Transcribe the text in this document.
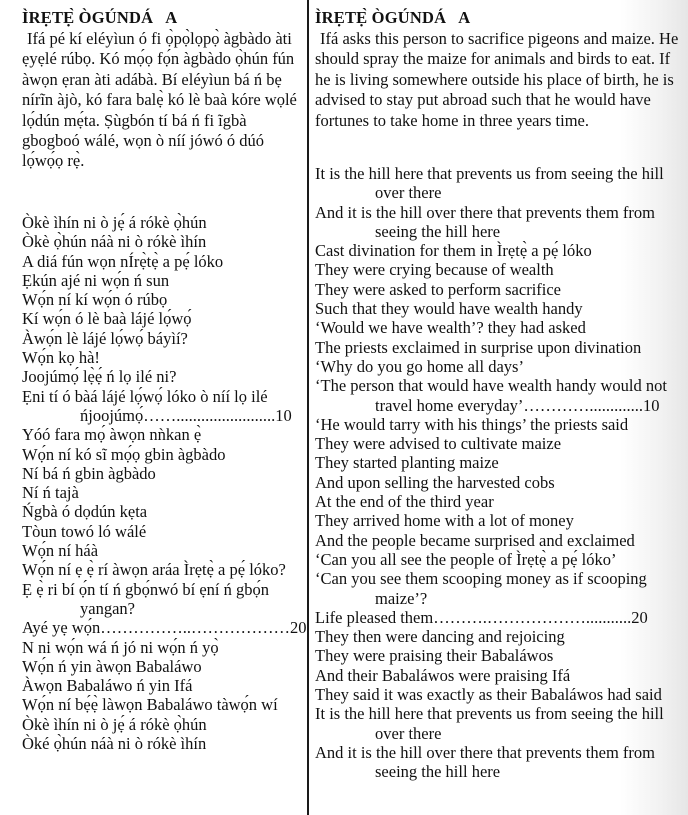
ÌRẸTẸ̀ ÒGÚNDÁ   A

Ifá pé kí eléyìun ó fi ọ̀pọ̀lọpọ̀ àgbàdo àti ẹyẹlé rúbọ. Kó mọ́ọ fọ́n àgbàdo ọ̀hún fún àwọn ẹran àti adábà. Bí eléyìun bá ń bẹ nírĩn àjò, kó fara balẹ̀ kó lè baà kóre wọlé lọ́dún mẹ́ta. Ṣùgbón tí bá ń fi ĩgbà gbogboó wálé, wọn ò níí jówó ó dúó lọ́wọ́ọ rẹ̀.

Òkè ìhín ni ò jẹ́ á rókè ọ̀hún
Òkè ọ̀hún náà ni ò rókè ìhín
A diá fún wọn nÍrẹ̀tẹ̀ a pẹ́ lóko
Ẹkún ajé ni wọ́n ń sun
Wọ́n ní kí wọ́n ó rúbọ
Kí wọ́n ó lè baà lájé lọ́wọ́
Àwọ́n lè lájé lọ́wọ́ báyìí?
Wọ́n kọ hà!
Joojúmọ́ lẹ̀ẹ́ ń lọ ilé ni?
Ẹni tí ó bàá lájé lọ́wọ́ lóko ò níí lọ ilé
ńjoojúmọ́……........................10
Yóó fara mọ́ àwọn nǹkan ẹ̀
Wọ́n ní kó sĩ mọ́ọ gbin àgbàdo
Ní bá ń gbin àgbàdo
Ní ń tajà
Ńgbà ó dọdún kẹta
Tòun towó ló wálé
Wọ́n ní háà
Wọ́n ní ẹ ẹ̀ rí àwọn aráa Ìrẹtẹ̀ a pẹ́ lóko?
Ẹ ẹ̀ ri bí ọ́n tí ń gbọ́nwó bí ẹní ń gbọ́n
yangan?
Ayé yẹ wọ́n……………..………………20
N ni wọ́n wá ń jó ni wọ́n ń yọ̀
Wọ́n ń yin àwọn Babaláwo
Àwọn Babaláwo ń yin Ifá
Wọ́n ní bẹ́ẹ̀ làwọn Babaláwo tàwọ́n wí
Òkè ìhín ni ò jẹ́ á rókè ọ̀hún
Òké ọ̀hún náà ni ò rókè ìhín
ÌRẸTẸ̀ ÒGÚNDÁ   A

Ifá asks this person to sacrifice pigeons and maize. He should spray the maize for animals and birds to eat. If he is living somewhere outside his place of birth, he is advised to stay put abroad such that he would have fortunes to take home in three years time.

It is the hill here that prevents us from seeing the hill
over there
And it is the hill over there that prevents them from
seeing the hill here
Cast divination for them in Ìrẹtẹ̀ a pẹ́ lóko
They were crying because of wealth
They were asked to perform sacrifice
Such that they would have wealth handy
‘Would we have wealth’? they had asked
The priests exclaimed in surprise upon divination
‘Why do you go home all days’
‘The person that would have wealth handy would not
travel home everyday’………….............10
‘He would tarry with his things’ the priests said
They were advised to cultivate maize
They started planting maize
And upon selling the harvested cobs
At the end of the third year
They arrived home with a lot of money
And the people became surprised and exclaimed
‘Can you all see the people of Ìrẹtẹ̀ a pẹ́ lóko’
‘Can you see them scooping money as if scooping
maize’?
Life pleased them……….………………...........20
They then were dancing and rejoicing
They were praising their Babaláwos
And their Babaláwos were praising Ifá
They said it was exactly as their Babaláwos had said
It is the hill here that prevents us from seeing the hill
over there
And it is the hill over there that prevents them from
seeing the hill here
